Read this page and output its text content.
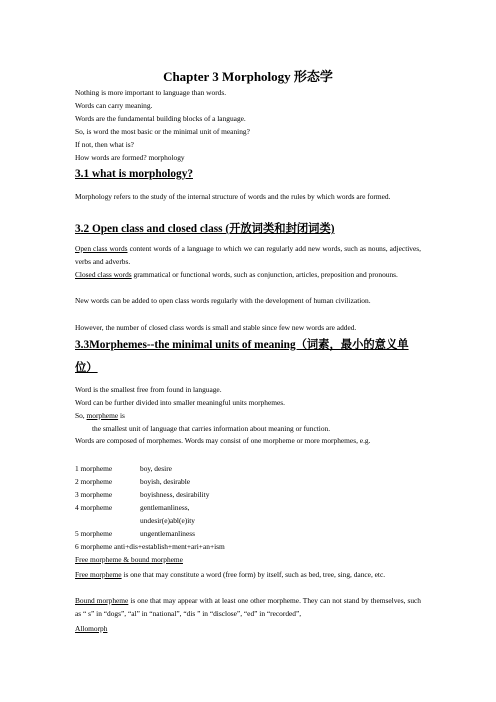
Chapter 3 Morphology 形态学
Nothing is more important to language than words.
Words can carry meaning.
Words are the fundamental building blocks of a language.
So, is word the most basic or the minimal unit of meaning?
If not, then what is?
How words are formed? morphology
3.1 what is morphology?
Morphology refers to the study of the internal structure of words and the rules by which words are formed.
3.2 Open class and closed class (开放词类和封闭词类)
Open class words content words of a language to which we can regularly add new words, such as nouns, adjectives, verbs and adverbs.
Closed class words grammatical or functional words, such as conjunction, articles, preposition and pronouns.
New words can be added to open class words regularly with the development of human civilization.
However, the number of closed class words is small and stable since few new words are added.
3.3Morphemes--the minimal units of meaning（词素，最小的意义单位）
Word is the smallest free from found in language.
Word can be further divided into smaller meaningful units morphemes.
So, morpheme is
the smallest unit of language that carries information about meaning or function.
Words are composed of morphemes. Words may consist of one morpheme or more morphemes, e.g.
1 morpheme	boy, desire
2 morpheme	boyish, desirable
3 morpheme	boyishness, desirability
4 morpheme	gentlemanliness,
undesir(e)abl(e)ity
5 morpheme	ungentlemanliness
6 morpheme anti+dis+establish+ment+ari+an+ism
Free morpheme & bound morpheme
Free morpheme is one that may constitute a word (free form) by itself, such as bed, tree, sing, dance, etc.
Bound morpheme is one that may appear with at least one other morpheme. They can not stand by themselves, such as “ s” in “dogs”, “al” in “national”, “dis ” in “disclose”, “ed” in “recorded”,
Allomorph
